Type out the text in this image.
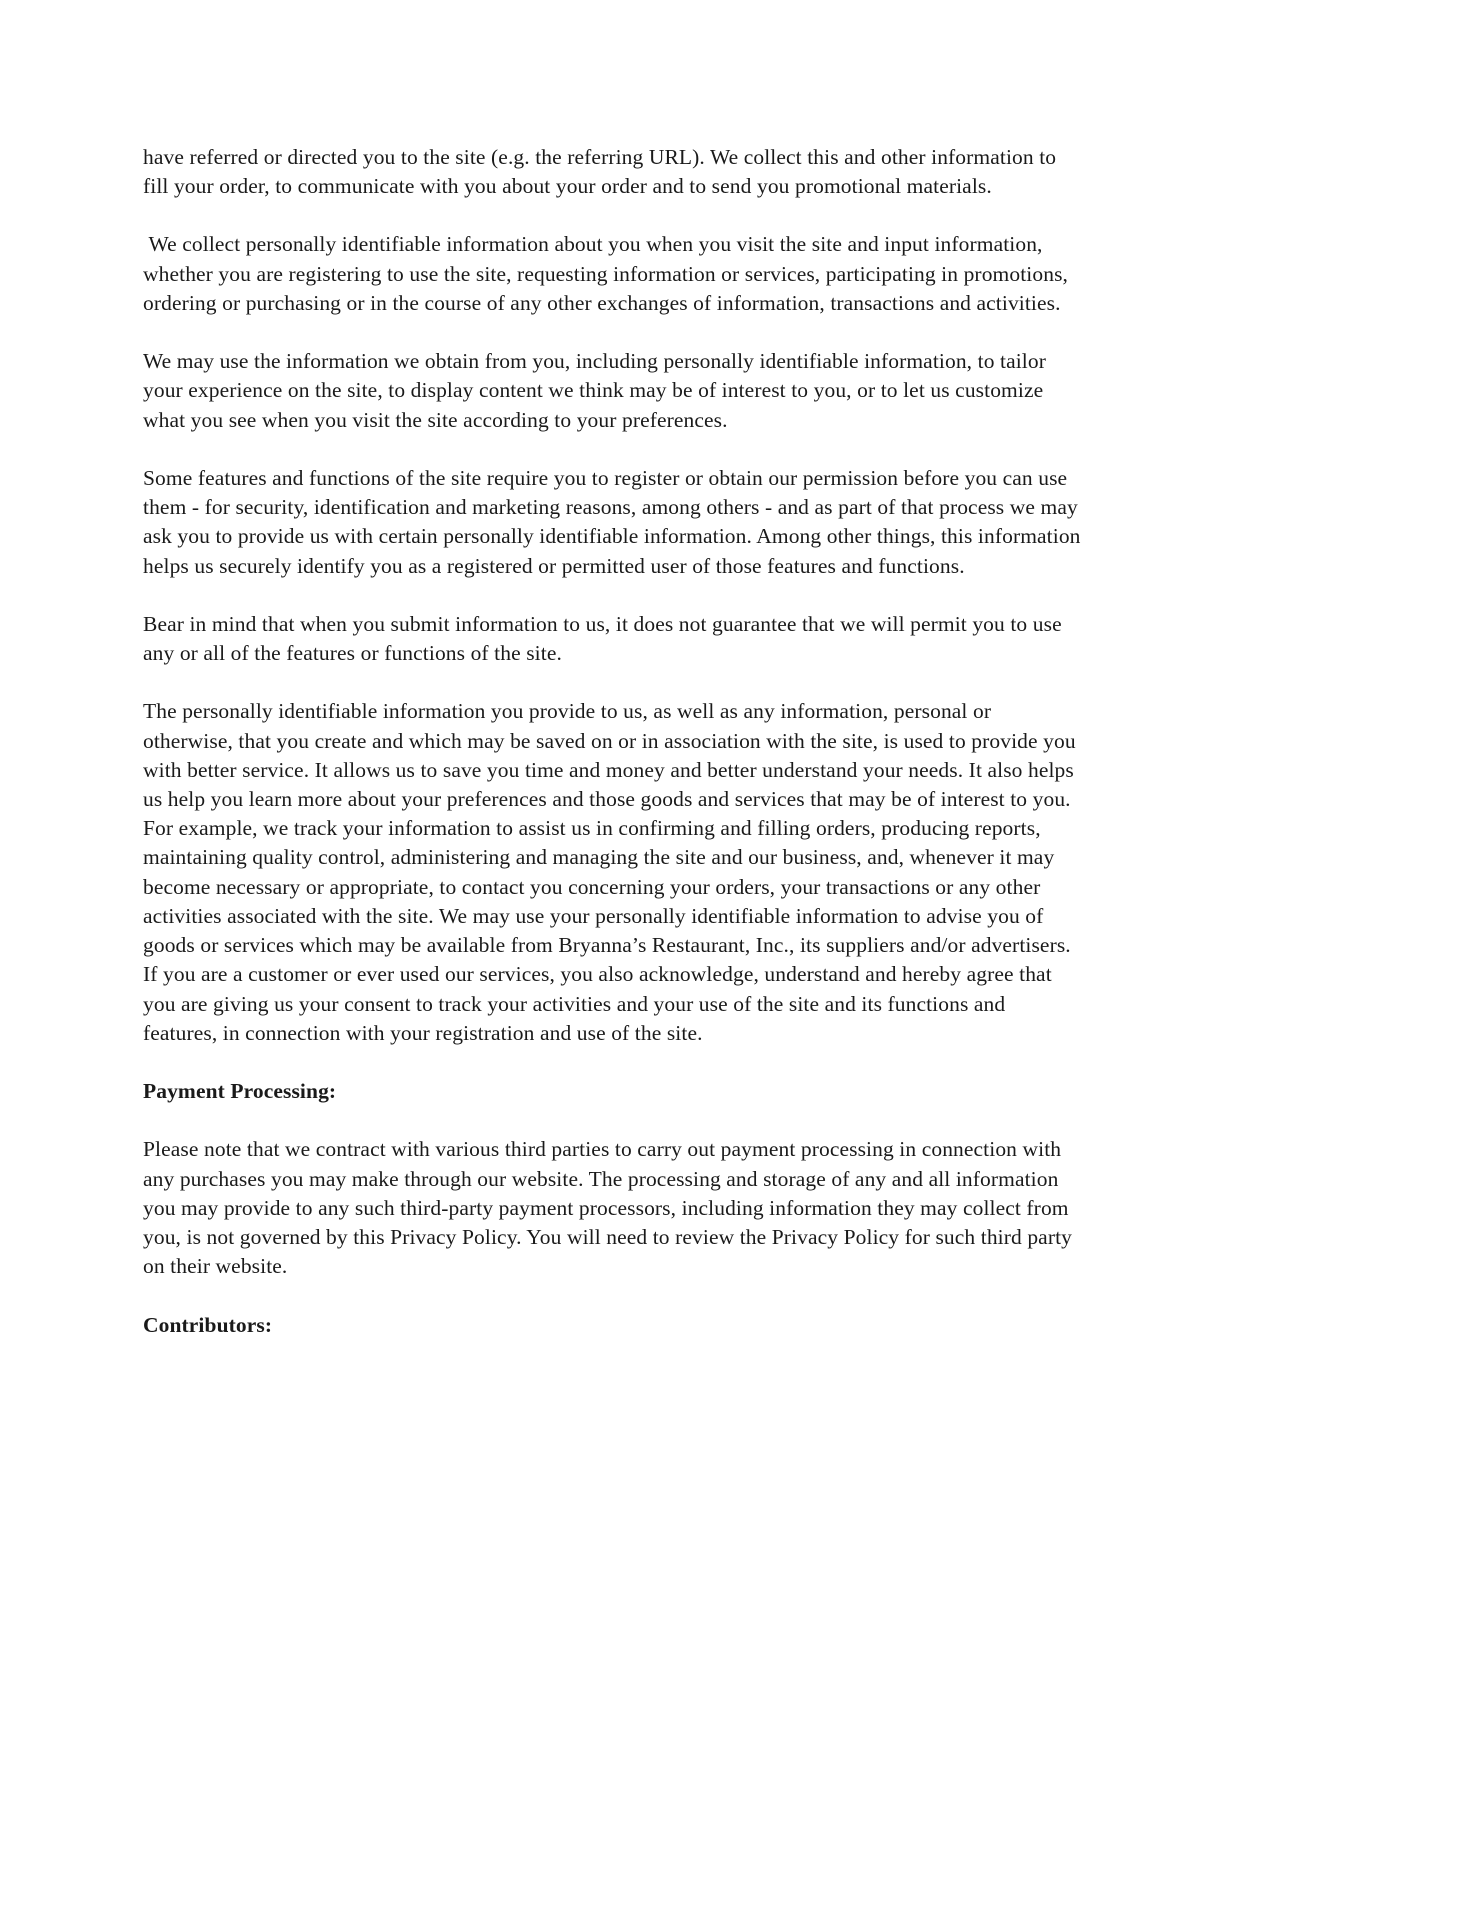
have referred or directed you to the site (e.g. the referring URL). We collect this and other information to fill your order, to communicate with you about your order and to send you promotional materials.

We collect personally identifiable information about you when you visit the site and input information, whether you are registering to use the site, requesting information or services, participating in promotions, ordering or purchasing or in the course of any other exchanges of information, transactions and activities.

We may use the information we obtain from you, including personally identifiable information, to tailor your experience on the site, to display content we think may be of interest to you, or to let us customize what you see when you visit the site according to your preferences.

Some features and functions of the site require you to register or obtain our permission before you can use them - for security, identification and marketing reasons, among others - and as part of that process we may ask you to provide us with certain personally identifiable information. Among other things, this information helps us securely identify you as a registered or permitted user of those features and functions.

Bear in mind that when you submit information to us, it does not guarantee that we will permit you to use any or all of the features or functions of the site.

The personally identifiable information you provide to us, as well as any information, personal or otherwise, that you create and which may be saved on or in association with the site, is used to provide you with better service. It allows us to save you time and money and better understand your needs. It also helps us help you learn more about your preferences and those goods and services that may be of interest to you. For example, we track your information to assist us in confirming and filling orders, producing reports, maintaining quality control, administering and managing the site and our business, and, whenever it may become necessary or appropriate, to contact you concerning your orders, your transactions or any other activities associated with the site. We may use your personally identifiable information to advise you of goods or services which may be available from Bryanna’s Restaurant, Inc., its suppliers and/or advertisers. If you are a customer or ever used our services, you also acknowledge, understand and hereby agree that you are giving us your consent to track your activities and your use of the site and its functions and features, in connection with your registration and use of the site.

Payment Processing:

Please note that we contract with various third parties to carry out payment processing in connection with any purchases you may make through our website. The processing and storage of any and all information you may provide to any such third-party payment processors, including information they may collect from you, is not governed by this Privacy Policy. You will need to review the Privacy Policy for such third party on their website.

Contributors:
